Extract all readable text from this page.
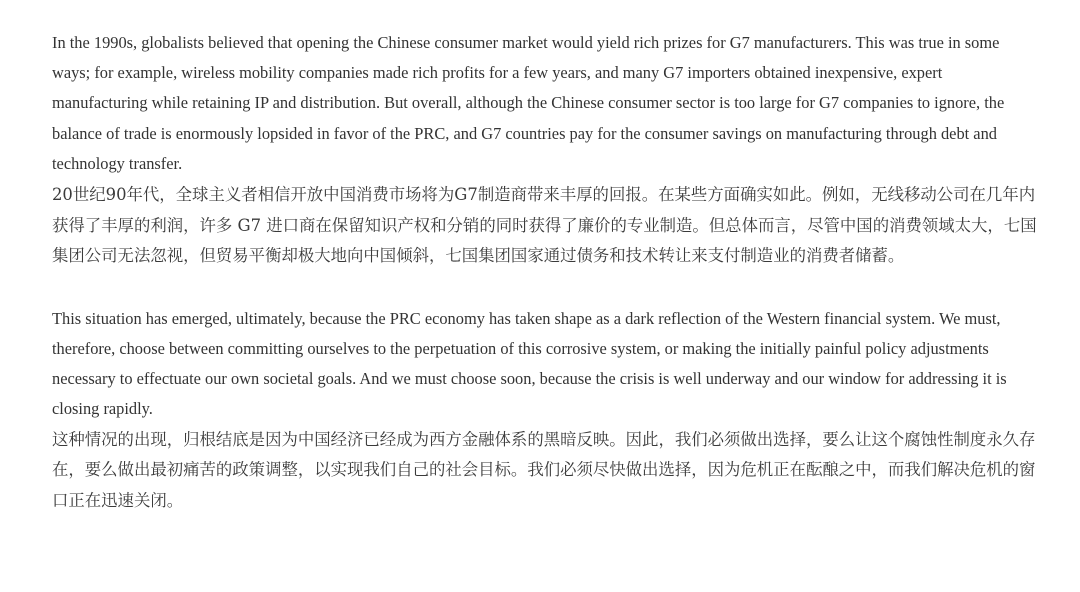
In the 1990s, globalists believed that opening the Chinese consumer market would yield rich prizes for G7 manufacturers. This was true in some ways; for example, wireless mobility companies made rich profits for a few years, and many G7 importers obtained inexpensive, expert manufacturing while retaining IP and distribution. But overall, although the Chinese consumer sector is too large for G7 companies to ignore, the balance of trade is enormously lopsided in favor of the PRC, and G7 countries pay for the consumer savings on manufacturing through debt and technology transfer.

20世纪90年代，全球主义者相信开放中国消费市场将为G7制造商带来丰厚的回报。在某些方面确实如此。例如，无线移动公司在几年内获得了丰厚的利润，许多 G7 进口商在保留知识产权和分销的同时获得了廉价的专业制造。但总体而言，尽管中国的消费领域太大，七国集团公司无法忽视，但贸易平衡却极大地向中国倾斜，七国集团国家通过债务和技术转让来支付制造业的消费者储蓄。

This situation has emerged, ultimately, because the PRC economy has taken shape as a dark reflection of the Western financial system. We must, therefore, choose between committing ourselves to the perpetuation of this corrosive system, or making the initially painful policy adjustments necessary to effectuate our own societal goals. And we must choose soon, because the crisis is well underway and our window for addressing it is closing rapidly.

这种情况的出现，归根结底是因为中国经济已经成为西方金融体系的黑暗反映。因此，我们必须做出选择，要么让这个腐蚀性制度永久存在，要么做出最初痛苦的政策调整，以实现我们自己的社会目标。我们必须尽快做出选择，因为危机正在酝酿之中，而我们解决危机的窗口正在迅速关闭。
